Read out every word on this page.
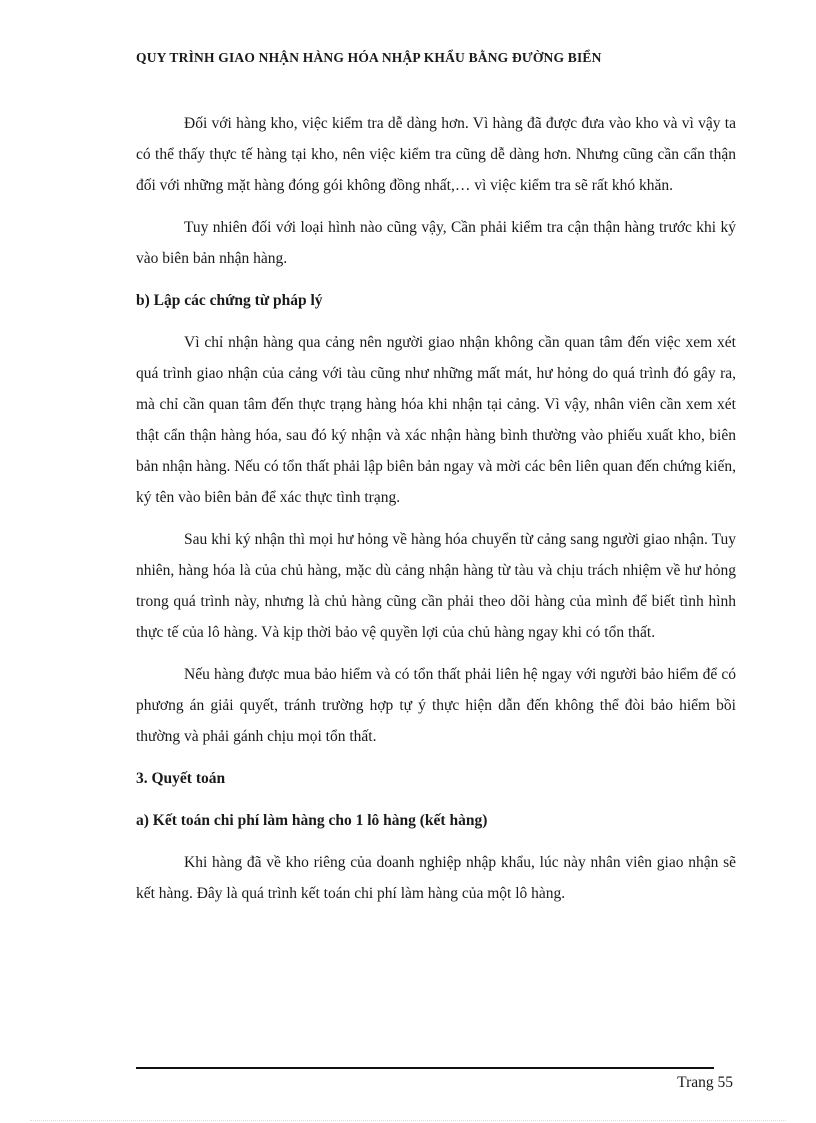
QUY TRÌNH GIAO NHẬN HÀNG HÓA NHẬP KHẨU BẰNG ĐƯỜNG BIỂN

Đối với hàng kho, việc kiểm tra dễ dàng hơn. Vì hàng đã được đưa vào kho và vì vậy ta có thể thấy thực tế hàng tại kho, nên việc kiểm tra cũng dễ dàng hơn. Nhưng cũng cần cẩn thận đối với những mặt hàng đóng gói không đồng nhất,… vì việc kiểm tra sẽ rất khó khăn.

Tuy nhiên đối với loại hình nào cũng vậy, Cần phải kiểm tra cận thận hàng trước khi ký vào biên bản nhận hàng.

b) Lập các chứng từ pháp lý

Vì chỉ nhận hàng qua cảng nên người giao nhận không cần quan tâm đến việc xem xét quá trình giao nhận của cảng với tàu cũng như những mất mát, hư hỏng do quá trình đó gây ra, mà chỉ cần quan tâm đến thực trạng hàng hóa khi nhận tại cảng. Vì vậy, nhân viên cần xem xét thật cẩn thận hàng hóa, sau đó ký nhận và xác nhận hàng bình thường vào phiếu xuất kho, biên bản nhận hàng. Nếu có tổn thất phải lập biên bản ngay và mời các bên liên quan đến chứng kiến, ký tên vào biên bản để xác thực tình trạng.

Sau khi ký nhận thì mọi hư hỏng về hàng hóa chuyển từ cảng sang người giao nhận. Tuy nhiên, hàng hóa là của chủ hàng, mặc dù cảng nhận hàng từ tàu và chịu trách nhiệm về hư hỏng trong quá trình này, nhưng là chủ hàng cũng cần phải theo dõi hàng của mình để biết tình hình thực tế của lô hàng. Và kịp thời bảo vệ quyền lợi của chủ hàng ngay khi có tổn thất.

Nếu hàng được mua bảo hiểm và có tổn thất phải liên hệ ngay với người bảo hiểm để có phương án giải quyết, tránh trường hợp tự ý thực hiện dẫn đến không thể đòi bảo hiểm bồi thường và phải gánh chịu mọi tổn thất.

3. Quyết toán

a) Kết toán chi phí làm hàng cho 1 lô hàng (kết hàng)

Khi hàng đã về kho riêng của doanh nghiệp nhập khẩu, lúc này nhân viên giao nhận sẽ kết hàng. Đây là quá trình kết toán chi phí làm hàng của một lô hàng.

Trang 55
